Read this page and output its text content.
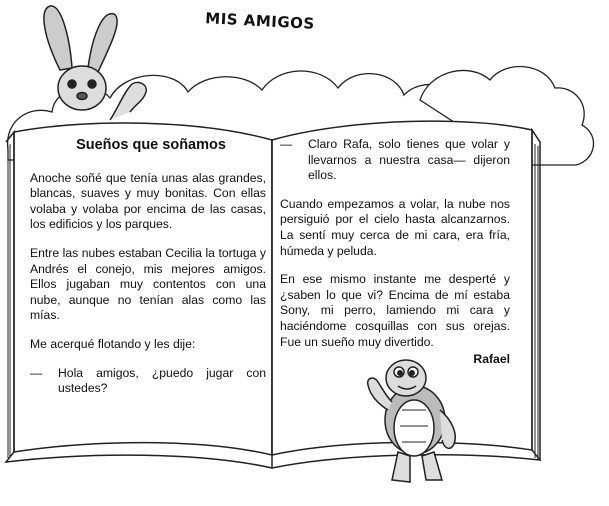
MIS AMIGOS
Sueños que soñamos

Anoche soñé que tenía unas alas grandes, blancas, suaves y muy bonitas. Con ellas volaba y volaba por encima de las casas, los edificios y los parques.

Entre las nubes estaban Cecilia la tortuga y Andrés el conejo, mis mejores amigos. Ellos jugaban muy contentos con una nube, aunque no tenían alas como las mías.

Me acerqué flotando y les dije:

—	Hola amigos, ¿puedo jugar con ustedes?
—	Claro Rafa, solo tienes que volar y llevarnos a nuestra casa— dijeron ellos.

Cuando empezamos a volar, la nube nos persiguió por el cielo hasta alcanzarnos. La sentí muy cerca de mi cara, era fría, húmeda y peluda.

En ese mismo instante me desperté y ¿saben lo que vi? Encima de mí estaba Sony, mi perro, lamiendo mi cara y haciéndome cosquillas con sus orejas. Fue un sueño muy divertido.

Rafael
